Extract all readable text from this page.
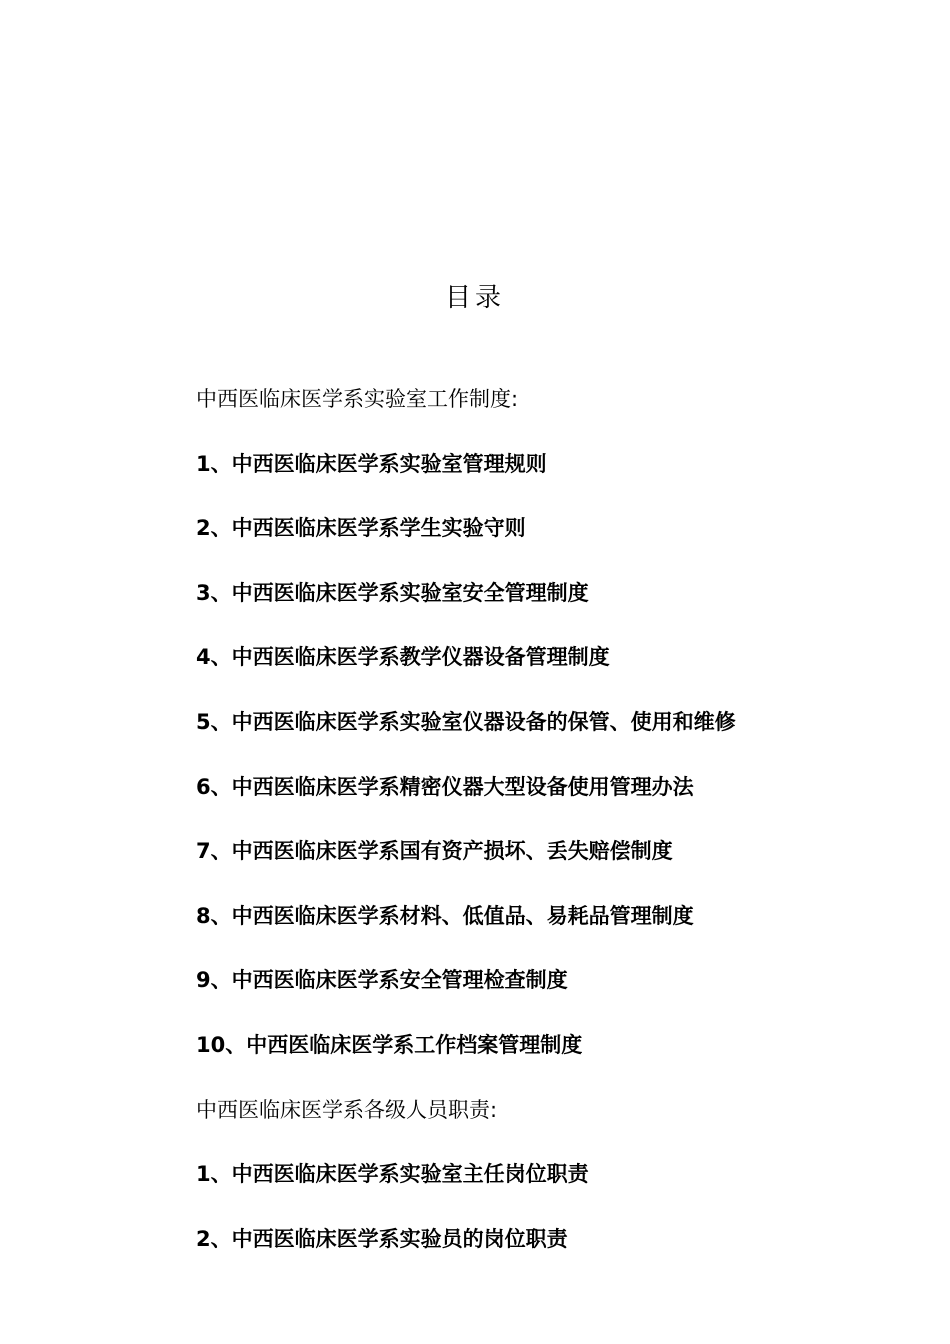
目录
中西医临床医学系实验室工作制度:
1、中西医临床医学系实验室管理规则
2、中西医临床医学系学生实验守则
3、中西医临床医学系实验室安全管理制度
4、中西医临床医学系教学仪器设备管理制度
5、中西医临床医学系实验室仪器设备的保管、使用和维修
6、中西医临床医学系精密仪器大型设备使用管理办法
7、中西医临床医学系国有资产损坏、丢失赔偿制度
8、中西医临床医学系材料、低值品、易耗品管理制度
9、中西医临床医学系安全管理检查制度
10、中西医临床医学系工作档案管理制度
中西医临床医学系各级人员职责:
1、中西医临床医学系实验室主任岗位职责
2、中西医临床医学系实验员的岗位职责
